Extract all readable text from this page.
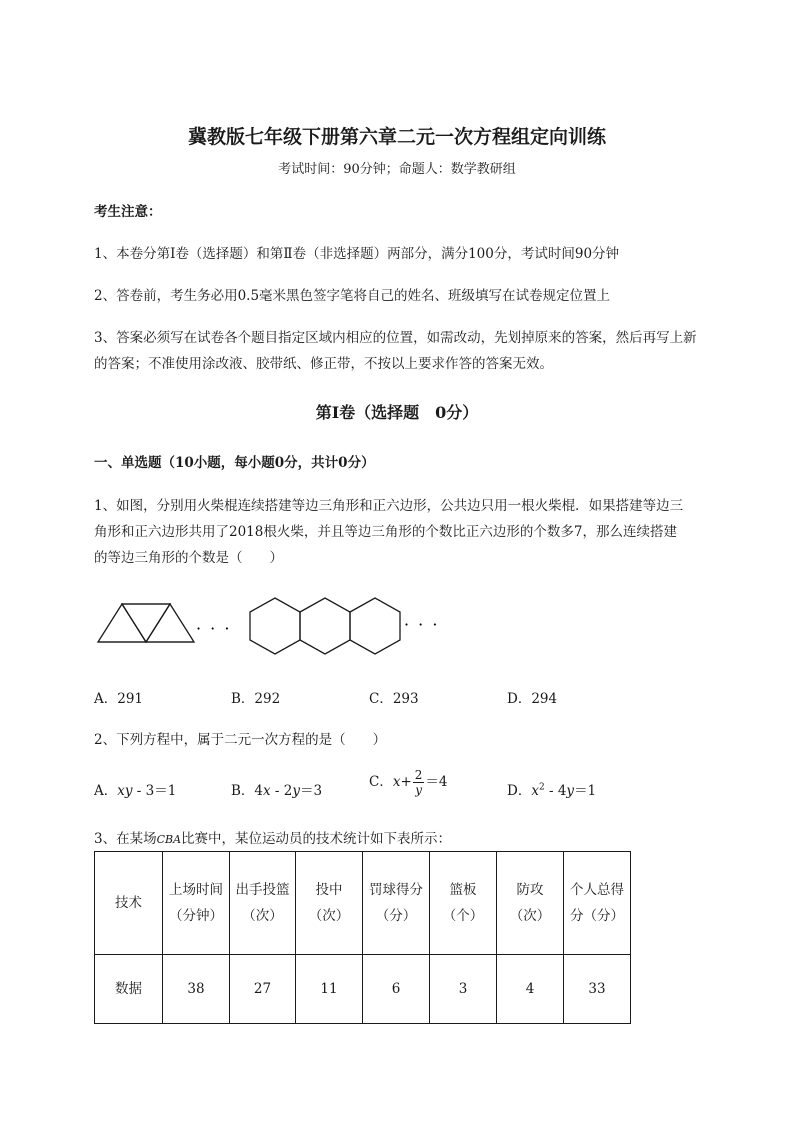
冀教版七年级下册第六章二元一次方程组定向训练
考试时间：90分钟；命题人：数学教研组
考生注意：
1、本卷分第I卷（选择题）和第Ⅱ卷（非选择题）两部分，满分100分，考试时间90分钟
2、答卷前，考生务必用0.5毫米黑色签字笔将自己的姓名、班级填写在试卷规定位置上
3、答案必须写在试卷各个题目指定区域内相应的位置，如需改动，先划掉原来的答案，然后再写上新
的答案；不准使用涂改液、胶带纸、修正带，不按以上要求作答的答案无效。
第I卷（选择题　0分）
一、单选题（10小题，每小题0分，共计0分）
1、如图，分别用火柴棍连续搭建等边三角形和正六边形，公共边只用一根火柴棍．如果搭建等边三
角形和正六边形共用了2018根火柴，并且等边三角形的个数比正六边形的个数多7，那么连续搭建
的等边三角形的个数是（　　）
· · ·	· · ·
A．291	B．292	C．293	D．294
2、下列方程中，属于二元一次方程的是（　　）
A．xy - 3＝1	B．4x - 2y＝3
C．$x+ \frac{2}{y} =4$
D．$x^2 - 4y=1$
3、在某场CBA比赛中，某位运动员的技术统计如下表所示：
技术	上场时间（分钟）	出手投篮（次）	投中（次）	罚球得分（分）	篮板（个）	防攻（次）	个人总得分（分）
数据	38	27	11	6	3	4	33
